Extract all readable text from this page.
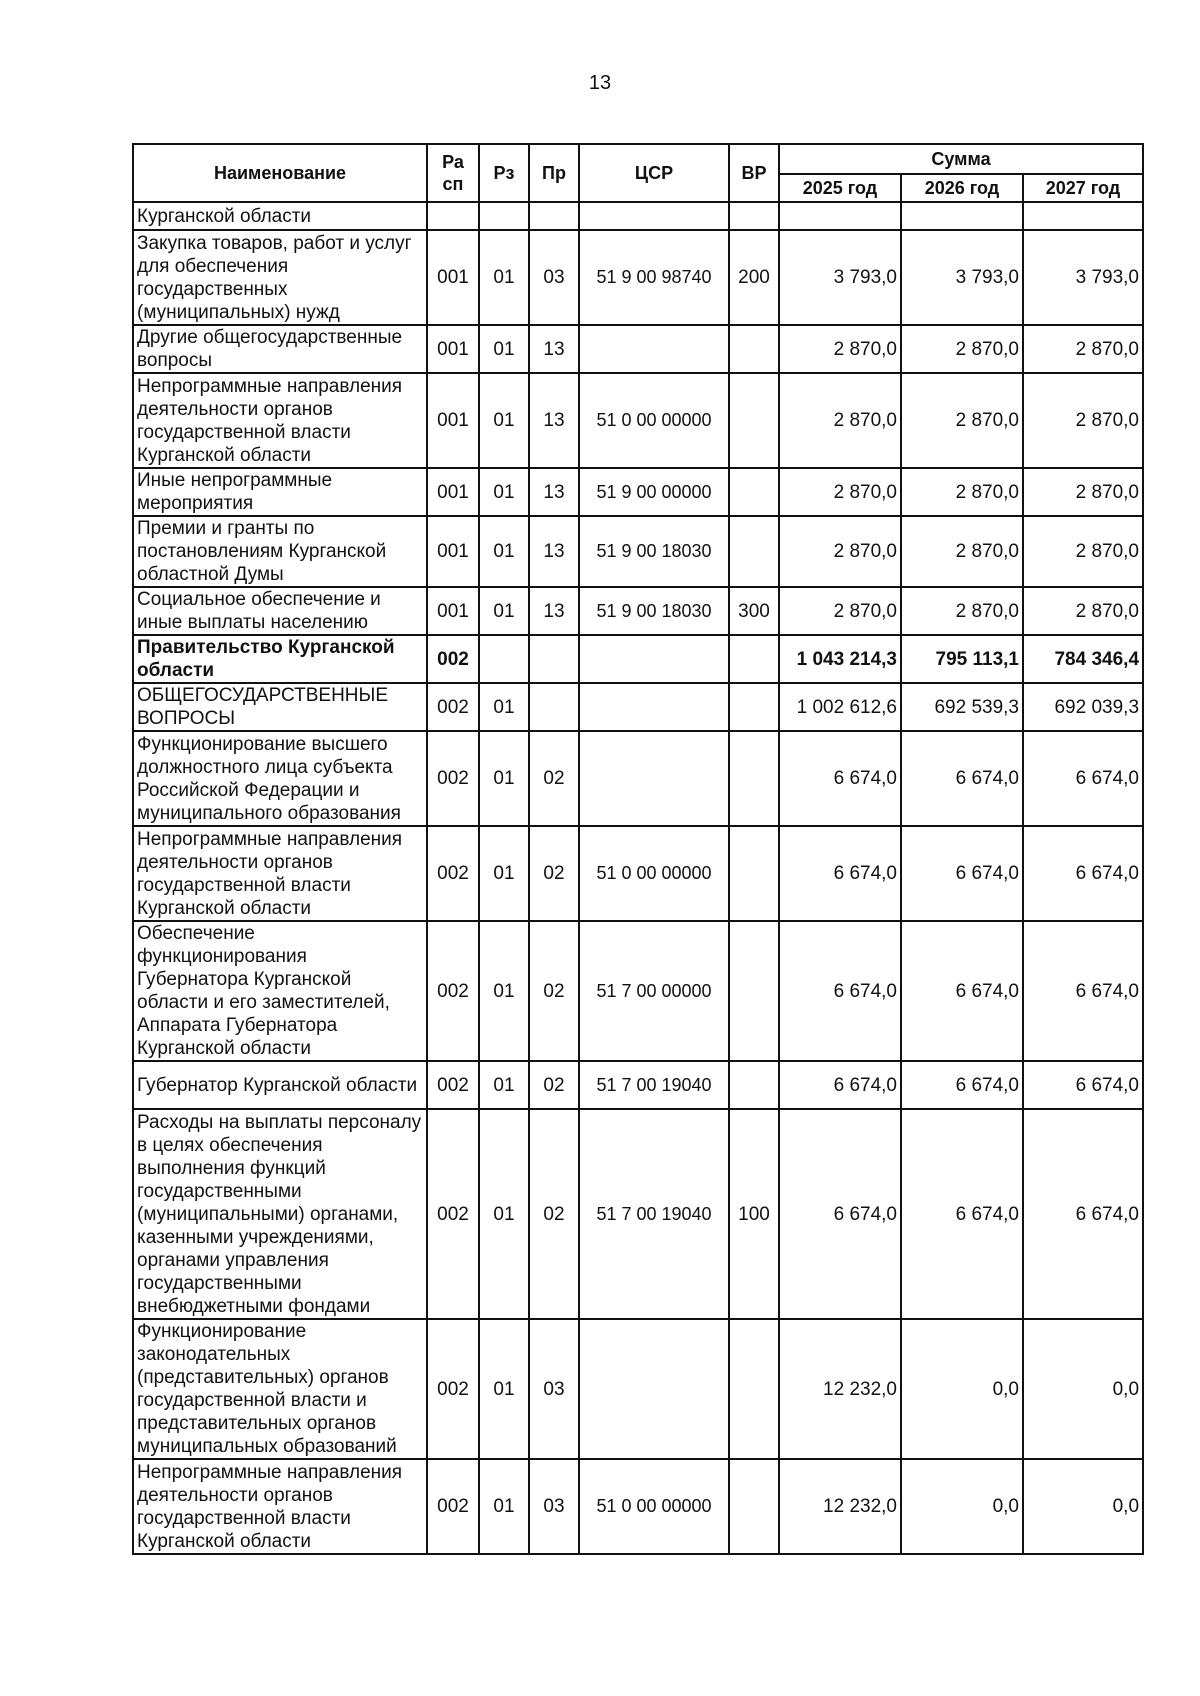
13
Наименование	Ра сп	Рз	Пр	ЦСР	ВР	Сумма		
						2025 год	2026 год	2027 год
Курганской области								
Закупка товаров, работ и услуг для обеспечения государственных (муниципальных) нужд	001	01	03	51 9 00 98740	200	3 793,0	3 793,0	3 793,0
Другие общегосударственные вопросы	001	01	13			2 870,0	2 870,0	2 870,0
Непрограммные направления деятельности органов государственной власти Курганской области	001	01	13	51 0 00 00000		2 870,0	2 870,0	2 870,0
Иные непрограммные мероприятия	001	01	13	51 9 00 00000		2 870,0	2 870,0	2 870,0
Премии и гранты по постановлениям Курганской областной Думы	001	01	13	51 9 00 18030		2 870,0	2 870,0	2 870,0
Социальное обеспечение и иные выплаты населению	001	01	13	51 9 00 18030	300	2 870,0	2 870,0	2 870,0
Правительство Курганской области	002					1 043 214,3	795 113,1	784 346,4
ОБЩЕГОСУДАРСТВЕННЫЕ ВОПРОСЫ	002	01				1 002 612,6	692 539,3	692 039,3
Функционирование высшего должностного лица субъекта Российской Федерации и муниципального образования	002	01	02			6 674,0	6 674,0	6 674,0
Непрограммные направления деятельности органов государственной власти Курганской области	002	01	02	51 0 00 00000		6 674,0	6 674,0	6 674,0
Обеспечение функционирования Губернатора Курганской области и его заместителей, Аппарата Губернатора Курганской области	002	01	02	51 7 00 00000		6 674,0	6 674,0	6 674,0
Губернатор Курганской области	002	01	02	51 7 00 19040		6 674,0	6 674,0	6 674,0
Расходы на выплаты персоналу в целях обеспечения выполнения функций государственными (муниципальными) органами, казенными учреждениями, органами управления государственными внебюджетными фондами	002	01	02	51 7 00 19040	100	6 674,0	6 674,0	6 674,0
Функционирование законодательных (представительных) органов государственной власти и представительных органов муниципальных образований	002	01	03			12 232,0	0,0	0,0
Непрограммные направления деятельности органов государственной власти Курганской области	002	01	03	51 0 00 00000		12 232,0	0,0	0,0
